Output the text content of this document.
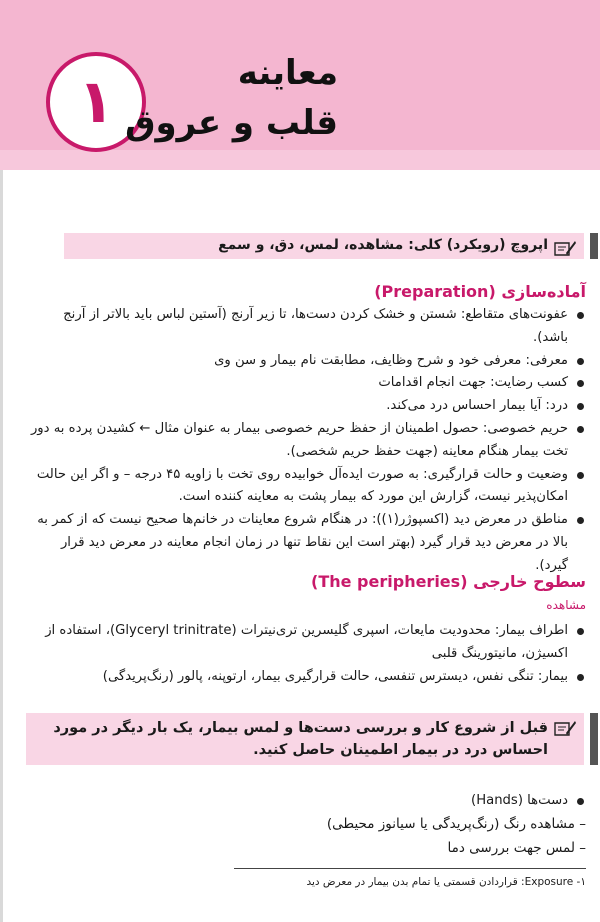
۱	معاینه
قلب و عروق
اپروچ (رویکرد) کلی: مشاهده، لمس، دق، و سمع
آماده‌سازی (Preparation)
عفونت‌های متقاطع: شستن و خشک کردن دست‌ها، تا زیر آرنج (آستین لباس باید بالاتر از آرنج باشد).
معرفی: معرفی خود و شرح وظایف، مطابقت نام بیمار و سن وی
کسب رضایت: جهت انجام اقدامات
درد: آیا بیمار احساس درد می‌کند.
حریم خصوصی: حصول اطمینان از حفظ حریم خصوصی بیمار به عنوان مثال ← کشیدن پرده به دور تخت بیمار هنگام معاینه (جهت حفظ حریم شخصی).
وضعیت و حالت قرارگیری: به صورت ایده‌آل خوابیده روی تخت با زاویه ۴۵ درجه – و اگر این حالت امکان‌پذیر نیست، گزارش این مورد که بیمار پشت به معاینه کننده است.
مناطق در معرض دید (اکسپوژر(۱)): در هنگام شروع معاینات در خانم‌ها صحیح نیست که از کمر به بالا در معرض دید قرار گیرد (بهتر است این نقاط تنها در زمان انجام معاینه در معرض دید قرار گیرد).
سطوح خارجی (The peripheries)
مشاهده
اطراف بیمار: محدودیت مایعات، اسپری گلیسرین تری‌نیترات (Glyceryl trinitrate)، استفاده از اکسیژن، مانیتورینگ قلبی
بیمار: تنگی نفس، دیسترس تنفسی، حالت قرارگیری بیمار، ارتوپنه، پالور (رنگ‌پریدگی)
قبل از شروع کار و بررسی دست‌ها و لمس بیمار، یک بار دیگر در مورد احساس درد در بیمار اطمینان حاصل کنید.
دست‌ها (Hands)
– مشاهده رنگ (رنگ‌پریدگی یا سیانوز محیطی)
– لمس جهت بررسی دما
۱- Exposure: قراردادن قسمتی یا تمام بدن بیمار در معرض دید
